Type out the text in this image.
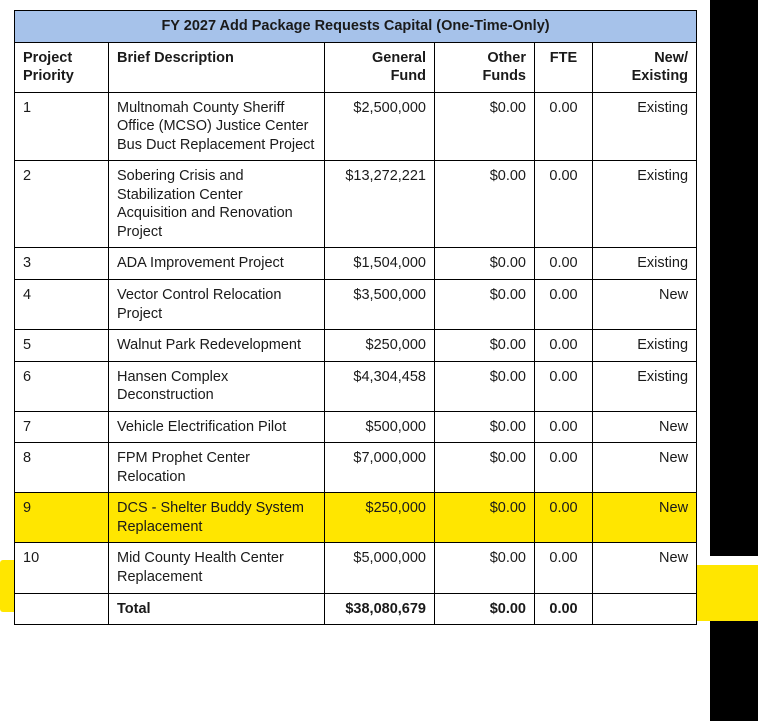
FY 2027 Add Package Requests Capital (One-Time-Only)					
Project Priority	Brief Description	General Fund	Other Funds	FTE	New/ Existing
1	Multnomah County Sheriff Office (MCSO) Justice Center Bus Duct Replacement Project	$2,500,000	$0.00	0.00	Existing
2	Sobering Crisis and Stabilization Center Acquisition and Renovation Project	$13,272,221	$0.00	0.00	Existing
3	ADA Improvement Project	$1,504,000	$0.00	0.00	Existing
4	Vector Control Relocation Project	$3,500,000	$0.00	0.00	New
5	Walnut Park Redevelopment	$250,000	$0.00	0.00	Existing
6	Hansen Complex Deconstruction	$4,304,458	$0.00	0.00	Existing
7	Vehicle Electrification Pilot	$500,000	$0.00	0.00	New
8	FPM Prophet Center Relocation	$7,000,000	$0.00	0.00	New
9	DCS - Shelter Buddy System Replacement	$250,000	$0.00	0.00	New
10	Mid County Health Center Replacement	$5,000,000	$0.00	0.00	New
	Total	$38,080,679	$0.00	0.00	
